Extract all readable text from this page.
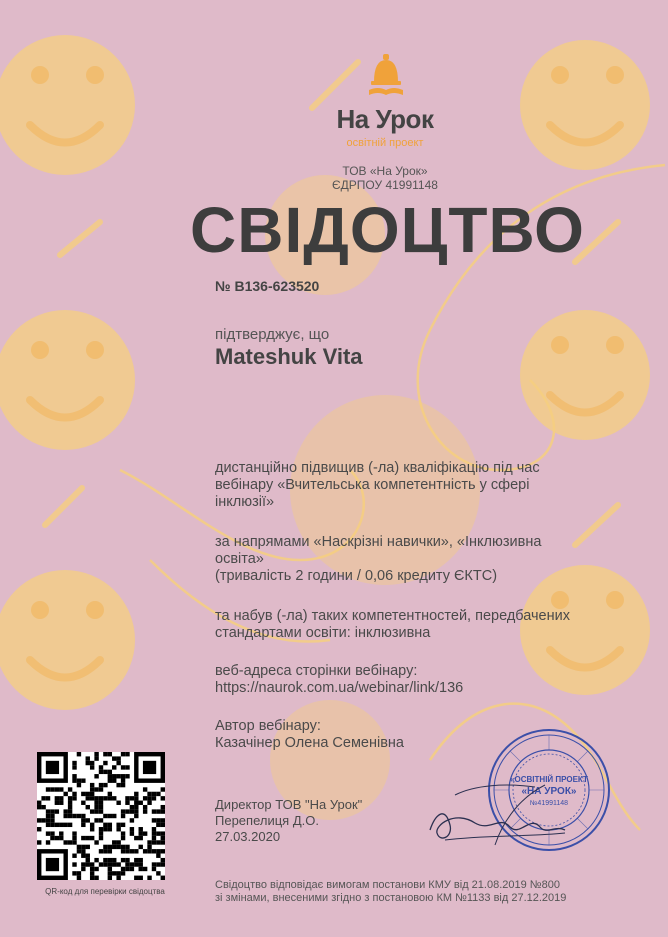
На Урок
освітній проект
ТОВ «На Урок»
ЄДРПОУ 41991148
СВІДОЦТВО
№ В136-623520
підтверджує, що
Mateshuk Vita
дистанційно підвищив (-ла) кваліфікацію під час
вебінару «Вчительська компетентність у сфері
інклюзії»
за напрямами «Наскрізні навички», «Інклюзивна
освіта»
(тривалість 2 години / 0,06 кредиту ЄКТС)
та набув (-ла) таких компетентностей, передбачених
стандартами освіти: інклюзивна
веб-адреса сторінки вебінару:
https://naurok.com.ua/webinar/link/136
Автор вебінару:
Казачінер Олена Семенівна
Директор ТОВ "На Урок"
Перепелиця Д.О.
27.03.2020
QR-код для перевірки свідоцтва
«ОСВІТНІЙ ПРОЕКТ
«НА УРОК»
№41991148
Свідоцтво відповідає вимогам постанови КМУ від 21.08.2019 №800
зі змінами, внесеними згідно з постановою КМ №1133 від 27.12.2019
